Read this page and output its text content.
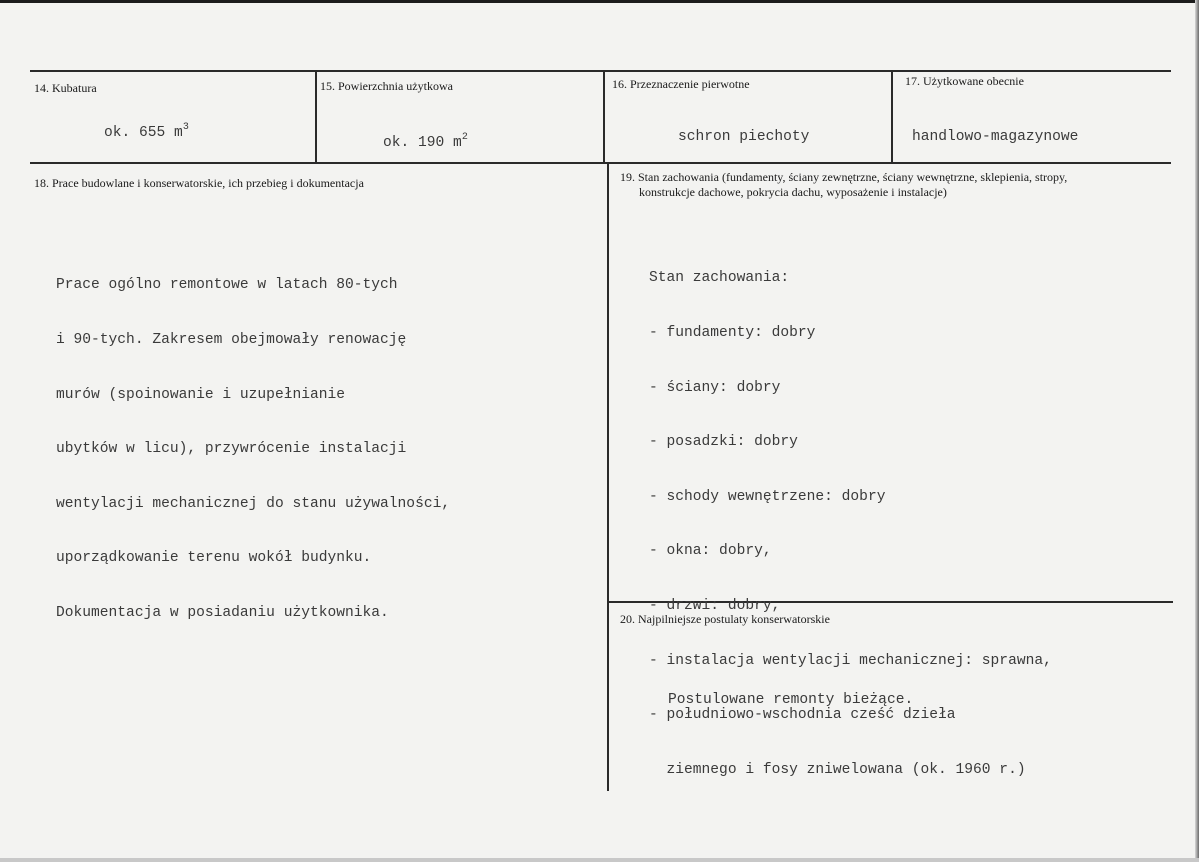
14. Kubatura
ok. 655 $m^3$
15. Powierzchnia użytkowa
ok. 190 $m^2$
16. Przeznaczenie pierwotne
schron piechoty
17. Użytkowane obecnie
handlowo-magazynowe
18. Prace budowlane i konserwatorskie, ich przebieg i dokumentacja

Prace ogólno remontowe w latach 80-tych

i 90-tych. Zakresem obejmowały renowację

murów (spoinowanie i uzupełnianie

ubytków w licu), przywrócenie instalacji

wentylacji mechanicznej do stanu używalności,

uporządkowanie terenu wokół budynku.

Dokumentacja w posiadaniu użytkownika.

19. Stan zachowania (fundamenty, ściany zewnętrzne, ściany wewnętrzne, sklepienia, stropy,
konstrukcje dachowe, pokrycia dachu, wyposażenie i instalacje)

Stan zachowania:

- fundamenty: dobry

- ściany: dobry

- posadzki: dobry

- schody wewnętrzene: dobry

- okna: dobry,

- drzwi: dobry,

- instalacja wentylacji mechanicznej: sprawna,

- południowo-wschodnia cześć dzieła

ziemnego i fosy zniwelowana (ok. 1960 r.)

20. Najpilniejsze postulaty konserwatorskie
Postulowane remonty bieżące.
